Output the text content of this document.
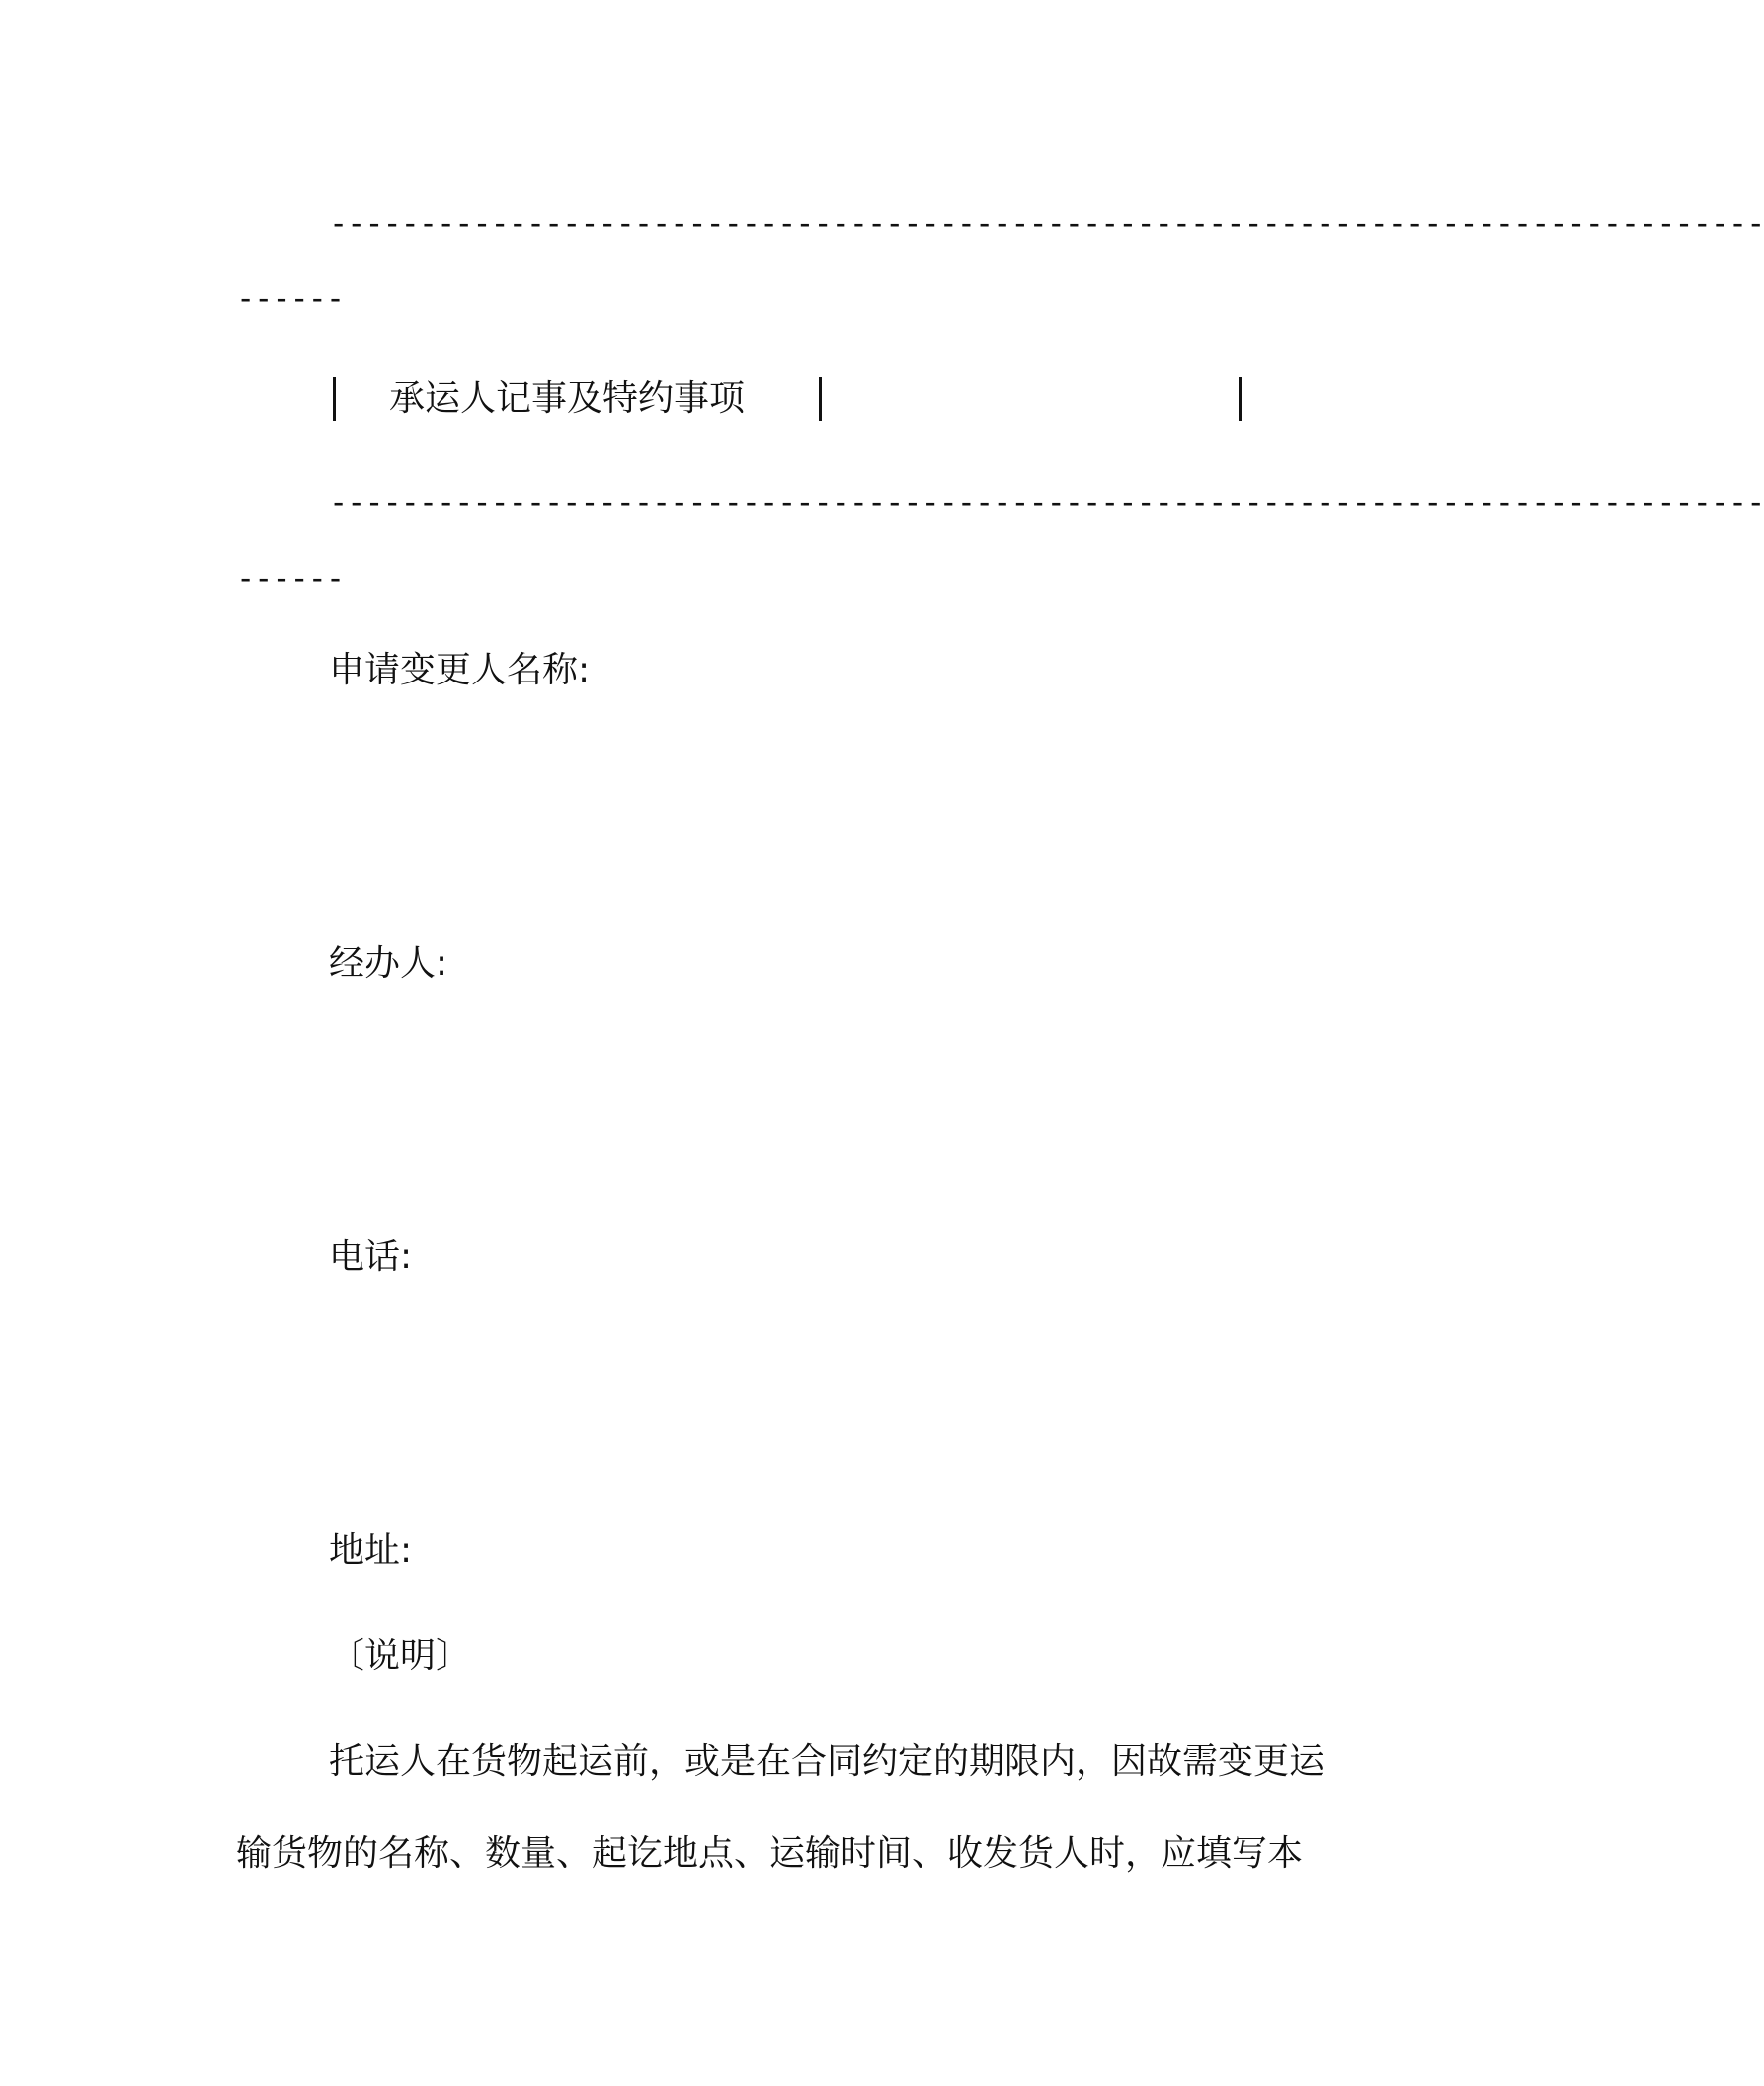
--------------------------------------------------------------------------------
------
承运人记事及特约事项
--------------------------------------------------------------------------------
------
申请变更人名称:
经办人:
电话:
地址:
〔说明〕
托运人在货物起运前，或是在合同约定的期限内，因故需变更运
输货物的名称、数量、起讫地点、运输时间、收发货人时，应填写本
